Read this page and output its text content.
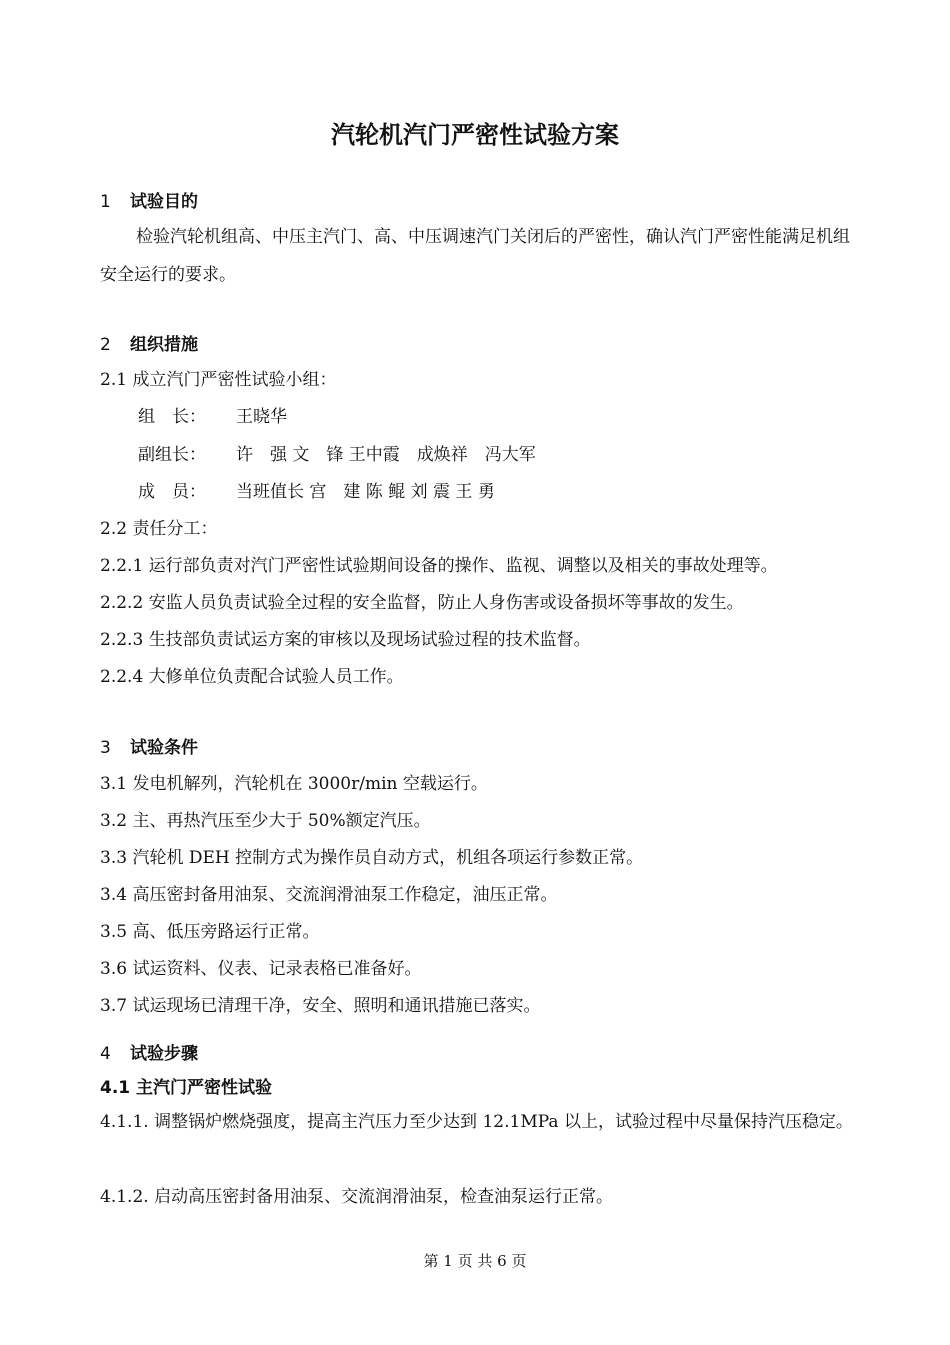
汽轮机汽门严密性试验方案
1 试验目的
检验汽轮机组高、中压主汽门、高、中压调速汽门关闭后的严密性，确认汽门严密性能满足机组安全运行的要求。
2 组织措施
2.1 成立汽门严密性试验小组：
组　长： 王晓华
副组长： 许　强 文　锋 王中霞　成焕祥　冯大军
成　员： 当班值长 宫　建 陈 鲲 刘 震 王 勇
2.2 责任分工：
2.2.1 运行部负责对汽门严密性试验期间设备的操作、监视、调整以及相关的事故处理等。
2.2.2 安监人员负责试验全过程的安全监督，防止人身伤害或设备损坏等事故的发生。
2.2.3 生技部负责试运方案的审核以及现场试验过程的技术监督。
2.2.4 大修单位负责配合试验人员工作。
3 试验条件
3.1 发电机解列，汽轮机在 3000r/min 空载运行。
3.2 主、再热汽压至少大于 50%额定汽压。
3.3 汽轮机 DEH 控制方式为操作员自动方式，机组各项运行参数正常。
3.4 高压密封备用油泵、交流润滑油泵工作稳定，油压正常。
3.5 高、低压旁路运行正常。
3.6 试运资料、仪表、记录表格已准备好。
3.7 试运现场已清理干净，安全、照明和通讯措施已落实。
4 试验步骤
4.1 主汽门严密性试验
4.1.1. 调整锅炉燃烧强度，提高主汽压力至少达到 12.1MPa 以上，试验过程中尽量保持汽压稳定。
4.1.2. 启动高压密封备用油泵、交流润滑油泵，检查油泵运行正常。
第 1 页 共 6 页
